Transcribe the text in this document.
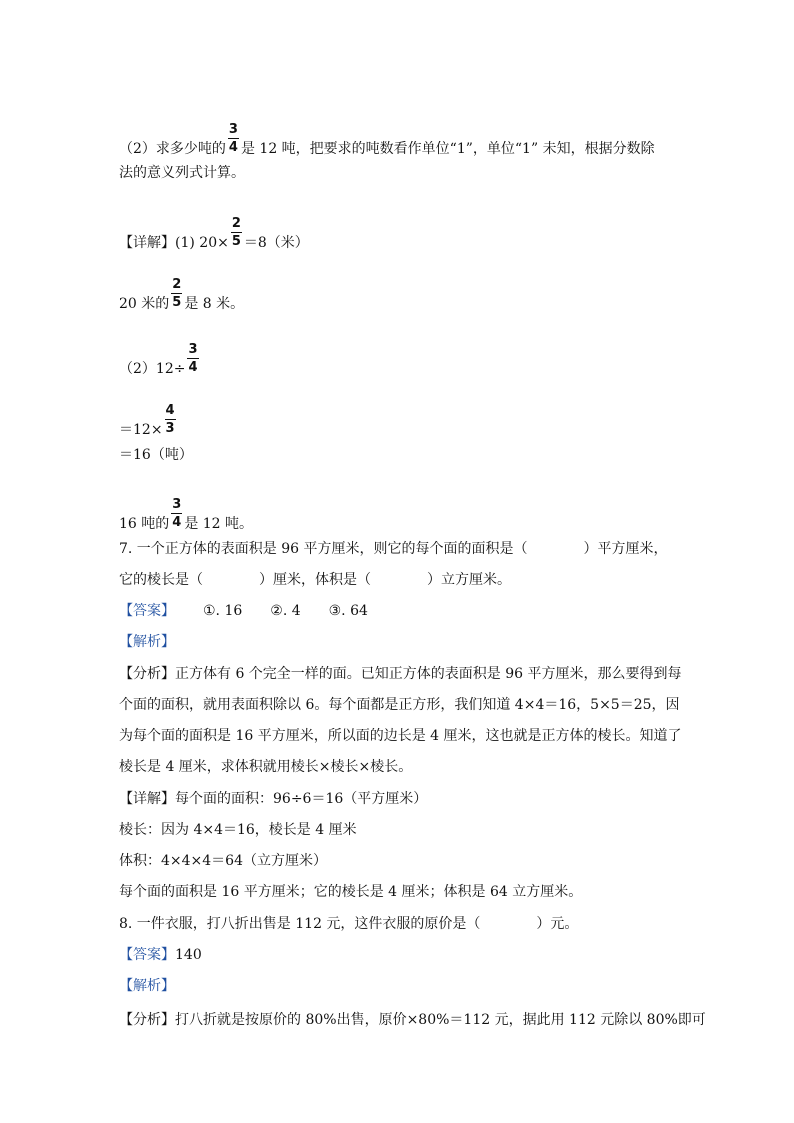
（2）求多少吨的 $\frac{3}{4}$ 是 12 吨，把要求的吨数看作单位“1”，单位“1” 未知，根据分数除
法的意义列式计算。
【详解】(1) $20\times \frac{2}{5} =8$（米）
20 米的 $\frac{2}{5}$ 是 8 米。
$(2)12\div \frac{3}{4}$
$=12\times \frac{4}{3}$
＝16（吨）
16 吨的 $\frac{3}{4}$ 是 12 吨。
7. 一个正方体的表面积是 96 平方厘米，则它的每个面的面积是（　　　　）平方厘米，
它的棱长是（　　　　）厘米，体积是（　　　　）立方厘米。
【答案】 ①. 16 ②. 4 ③. 64
【解析】
【分析】正方体有 6 个完全一样的面。已知正方体的表面积是 96 平方厘米，那么要得到每
个面的面积，就用表面积除以 6。每个面都是正方形，我们知道 4×4＝16，5×5＝25，因
为每个面的面积是 16 平方厘米，所以面的边长是 4 厘米，这也就是正方体的棱长。知道了
棱长是 4 厘米，求体积就用棱长×棱长×棱长。
【详解】每个面的面积：96÷6＝16（平方厘米）
棱长：因为 4×4＝16，棱长是 4 厘米
体积：4×4×4＝64（立方厘米）
每个面的面积是 16 平方厘米；它的棱长是 4 厘米；体积是 64 立方厘米。
8. 一件衣服，打八折出售是 112 元，这件衣服的原价是（　　　　）元。
【答案】140
【解析】
【分析】打八折就是按原价的 80%出售，原价×80%＝112 元，据此用 112 元除以 80%即可
